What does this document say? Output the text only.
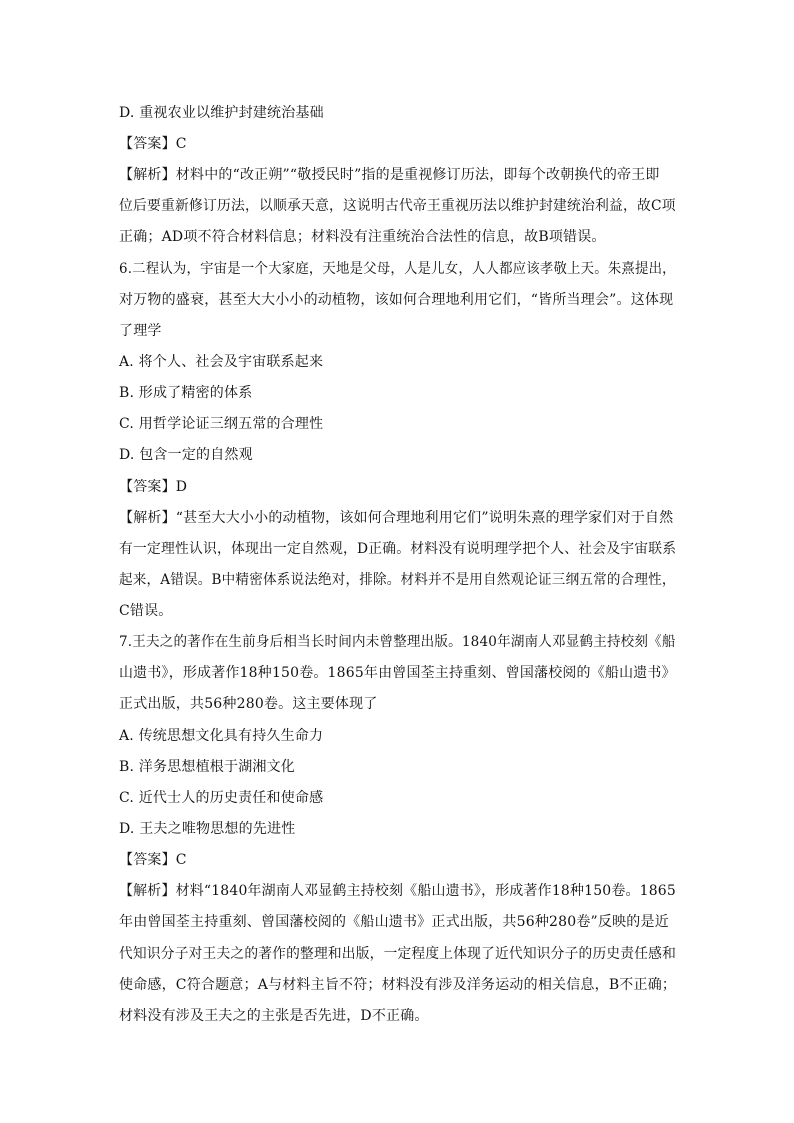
D. 重视农业以维护封建统治基础
【答案】C
【解析】材料中的“改正朔”“敬授民时”指的是重视修订历法，即每个改朝换代的帝王即
位后要重新修订历法，以顺承天意，这说明古代帝王重视历法以维护封建统治利益，故C项
正确；AD项不符合材料信息；材料没有注重统治合法性的信息，故B项错误。
6.二程认为，宇宙是一个大家庭，天地是父母，人是儿女，人人都应该孝敬上天。朱熹提出，
对万物的盛衰，甚至大大小小的动植物，该如何合理地利用它们，“皆所当理会”。这体现
了理学
A. 将个人、社会及宇宙联系起来
B. 形成了精密的体系
C. 用哲学论证三纲五常的合理性
D. 包含一定的自然观
【答案】D
【解析】“甚至大大小小的动植物，该如何合理地利用它们”说明朱熹的理学家们对于自然
有一定理性认识，体现出一定自然观，D正确。材料没有说明理学把个人、社会及宇宙联系
起来，A错误。B中精密体系说法绝对，排除。材料并不是用自然观论证三纲五常的合理性，
C错误。
7.王夫之的著作在生前身后相当长时间内未曾整理出版。1840年湖南人邓显鹤主持校刻《船
山遗书》，形成著作18种150卷。1865年由曾国荃主持重刻、曾国藩校阅的《船山遗书》
正式出版，共56种280卷。这主要体现了
A. 传统思想文化具有持久生命力
B. 洋务思想植根于湖湘文化
C. 近代士人的历史责任和使命感
D. 王夫之唯物思想的先进性
【答案】C
【解析】材料“1840年湖南人邓显鹤主持校刻《船山遗书》，形成著作18种150卷。1865
年由曾国荃主持重刻、曾国藩校阅的《船山遗书》正式出版，共56种280卷”反映的是近
代知识分子对王夫之的著作的整理和出版，一定程度上体现了近代知识分子的历史责任感和
使命感，C符合题意；A与材料主旨不符；材料没有涉及洋务运动的相关信息，B不正确；
材料没有涉及王夫之的主张是否先进，D不正确。
